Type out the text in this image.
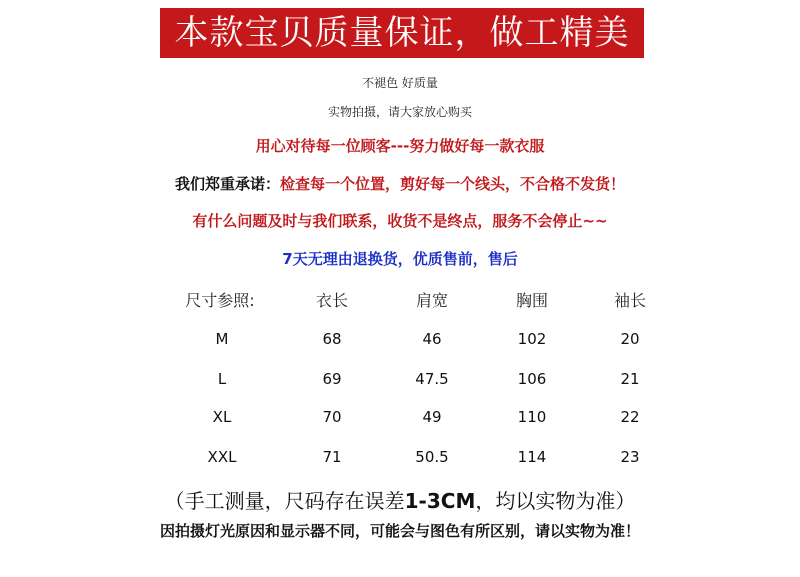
本款宝贝质量保证，做工精美
不褪色 好质量
实物拍摄，请大家放心购买
用心对待每一位顾客---努力做好每一款衣服
我们郑重承诺：检查每一个位置，剪好每一个线头，不合格不发货！
有什么问题及时与我们联系，收货不是终点，服务不会停止~~
7天无理由退换货，优质售前，售后
尺寸参照:	衣长	肩宽	胸围	袖长
M	68	46	102	20
L	69	47.5	106	21
XL	70	49	110	22
XXL	71	50.5	114	23
（手工测量，尺码存在误差1-3CM，均以实物为准）
因拍摄灯光原因和显示器不同，可能会与图色有所区别，请以实物为准！
